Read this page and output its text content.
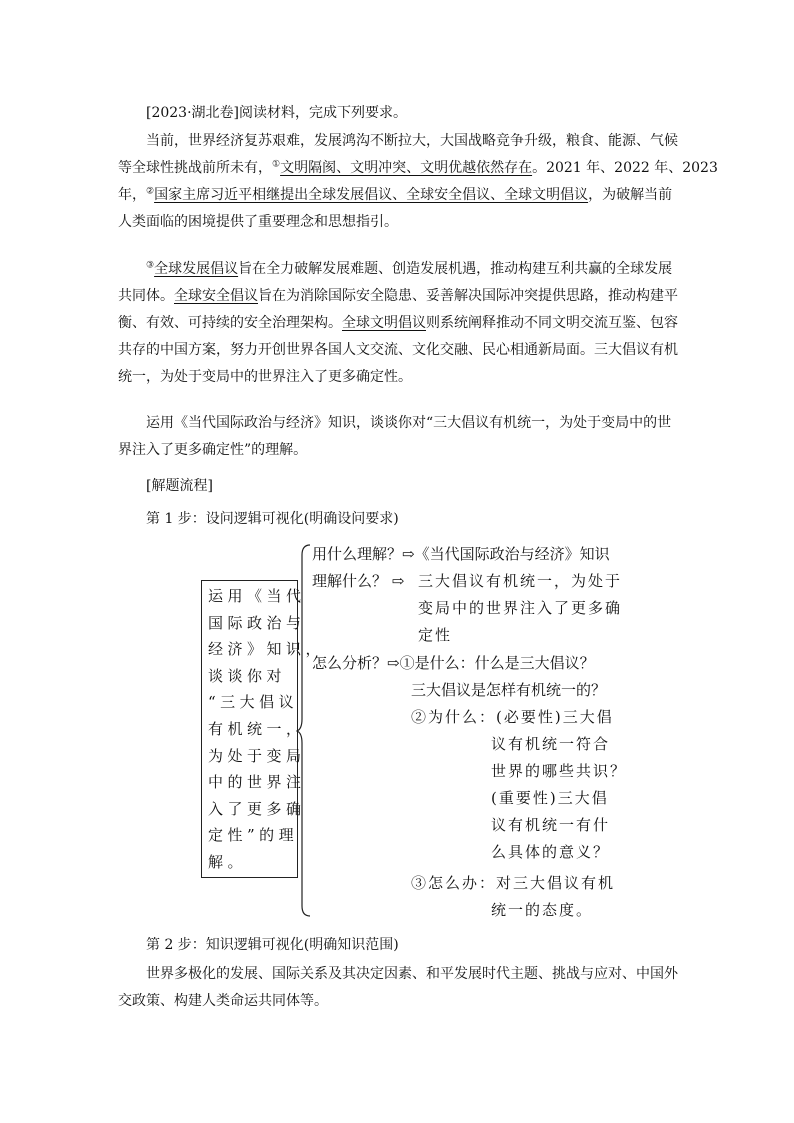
[2023·湖北卷]阅读材料，完成下列要求。

当前，世界经济复苏艰难，发展鸿沟不断拉大，大国战略竞争升级，粮食、能源、气候
等全球性挑战前所未有，①文明隔阂、文明冲突、文明优越依然存在。2021 年、2022 年、2023
年，②国家主席习近平相继提出全球发展倡议、全球安全倡议、全球文明倡议，为破解当前
人类面临的困境提供了重要理念和思想指引。

③全球发展倡议旨在全力破解发展难题、创造发展机遇，推动构建互利共赢的全球发展
共同体。全球安全倡议旨在为消除国际安全隐患、妥善解决国际冲突提供思路，推动构建平
衡、有效、可持续的安全治理架构。全球文明倡议则系统阐释推动不同文明交流互鉴、包容
共存的中国方案，努力开创世界各国人文交流、文化交融、民心相通新局面。三大倡议有机
统一，为处于变局中的世界注入了更多确定性。

运用《当代国际政治与经济》知识，谈谈你对“三大倡议有机统一，为处于变局中的世
界注入了更多确定性”的理解。

[解题流程]

第 1 步：设问逻辑可视化(明确设问要求)

运用《当代
国际政治与
经济》知识，
谈谈你对
“三大倡议
有机统一，
为处于变局
中的世界注
入了更多确
定性”的理
解。
用什么理解？⇨《当代国际政治与经济》知识
理解什么？ ⇨ 三大倡议有机统一，为处于
变局中的世界注入了更多确
定性
怎么分析？⇨①是什么：什么是三大倡议？
三大倡议是怎样有机统一的？
②为什么：(必要性)三大倡
议有机统一符合
世界的哪些共识？
(重要性)三大倡
议有机统一有什
么具体的意义？
③怎么办：对三大倡议有机
统一的态度。

第 2 步：知识逻辑可视化(明确知识范围)

世界多极化的发展、国际关系及其决定因素、和平发展时代主题、挑战与应对、中国外
交政策、构建人类命运共同体等。
